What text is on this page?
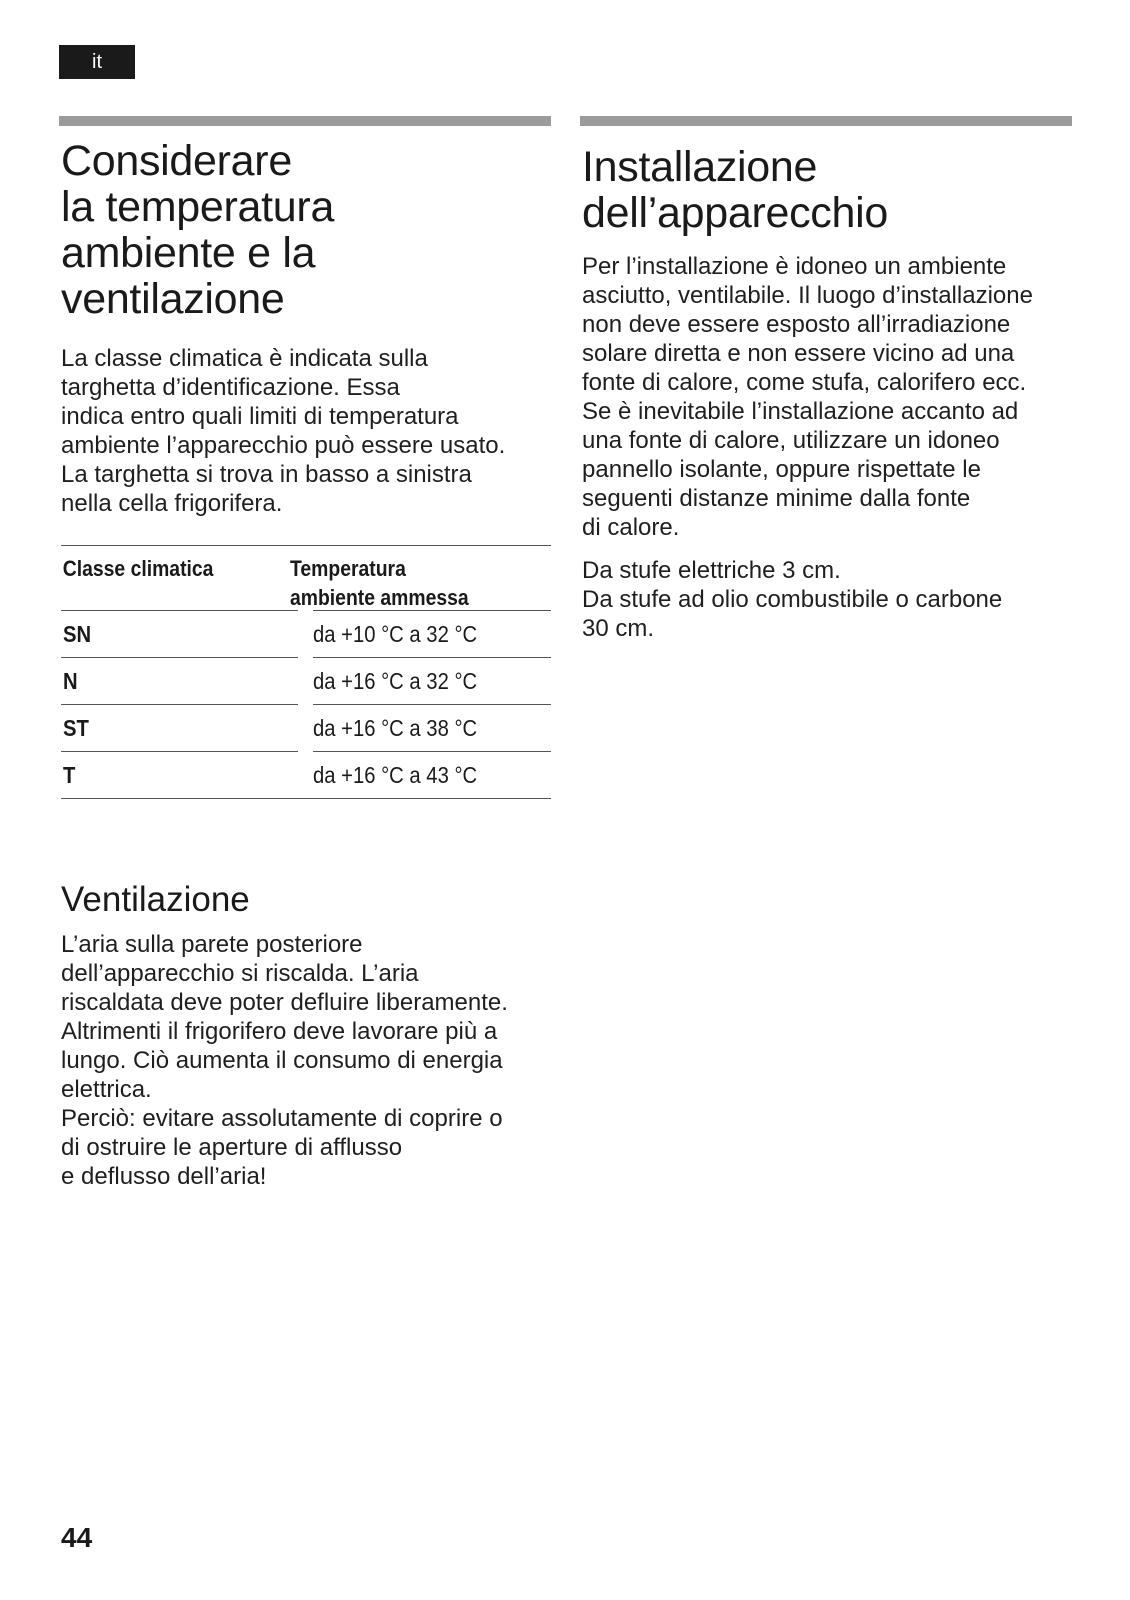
it
Considerare
la temperatura
ambiente e la
ventilazione

La classe climatica è indicata sulla
targhetta d’identificazione. Essa
indica entro quali limiti di temperatura
ambiente l’apparecchio può essere usato.
La targhetta si trova in basso a sinistra
nella cella frigorifera.

Classe climatica	Temperatura
ambiente ammessa
SN	da +10 °C a 32 °C
N	da +16 °C a 32 °C
ST	da +16 °C a 38 °C
T	da +16 °C a 43 °C
Ventilazione

L’aria sulla parete posteriore
dell’apparecchio si riscalda. L’aria
riscaldata deve poter defluire liberamente.
Altrimenti il frigorifero deve lavorare più a
lungo. Ciò aumenta il consumo di energia
elettrica.
Perciò: evitare assolutamente di coprire o
di ostruire le aperture di afflusso
e deflusso dell’aria!

Installazione
dell’apparecchio

Per l’installazione è idoneo un ambiente
asciutto, ventilabile. Il luogo d’installazione
non deve essere esposto all’irradiazione
solare diretta e non essere vicino ad una
fonte di calore, come stufa, calorifero ecc.
Se è inevitabile l’installazione accanto ad
una fonte di calore, utilizzare un idoneo
pannello isolante, oppure rispettate le
seguenti distanze minime dalla fonte
di calore.

Da stufe elettriche 3 cm.
Da stufe ad olio combustibile o carbone
30 cm.

44
